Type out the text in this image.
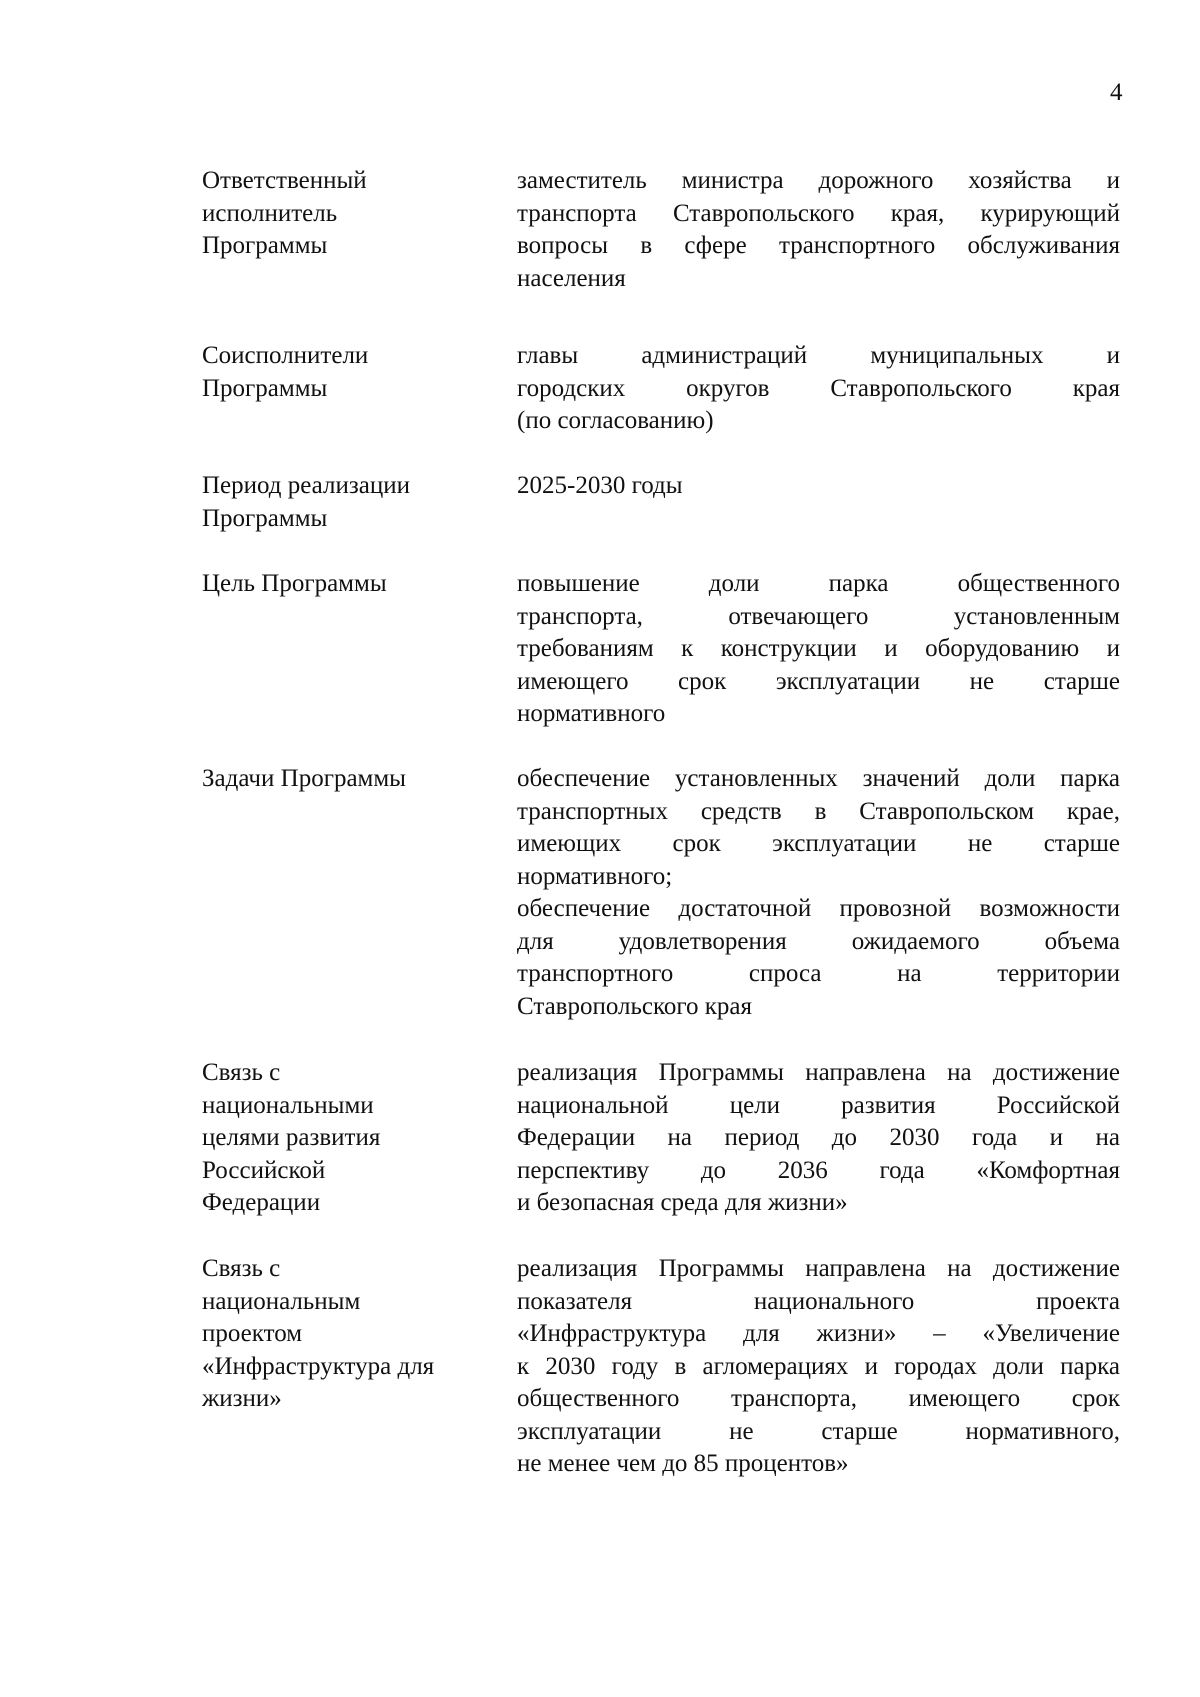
4
Ответственный
исполнитель
Программы
заместитель министра дорожного хозяйства и
транспорта Ставропольского края, курирующий
вопросы в сфере транспортного обслуживания
населения
Соисполнители
Программы
главы администраций муниципальных и
городских округов Ставропольского края
(по согласованию)
Период реализации
Программы
2025-2030 годы
Цель Программы	повышение доли парка общественного
транспорта, отвечающего установленным
требованиям к конструкции и оборудованию и
имеющего срок эксплуатации не старше
нормативного
Задачи Программы	обеспечение установленных значений доли парка
транспортных средств в Ставропольском крае,
имеющих срок эксплуатации не старше
нормативного;
обеспечение достаточной провозной возможности
для удовлетворения ожидаемого объема
транспортного спроса на территории
Ставропольского края
Связь с
национальными
целями развития
Российской
Федерации
реализация Программы направлена на достижение
национальной цели развития Российской
Федерации на период до 2030 года и на
перспективу до 2036 года «Комфортная
и безопасная среда для жизни»
Связь с
национальным
проектом
«Инфраструктура для
жизни»
реализация Программы направлена на достижение
показателя национального проекта
«Инфраструктура для жизни» – «Увеличение
к 2030 году в агломерациях и городах доли парка
общественного транспорта, имеющего срок
эксплуатации не старше нормативного,
не менее чем до 85 процентов»
